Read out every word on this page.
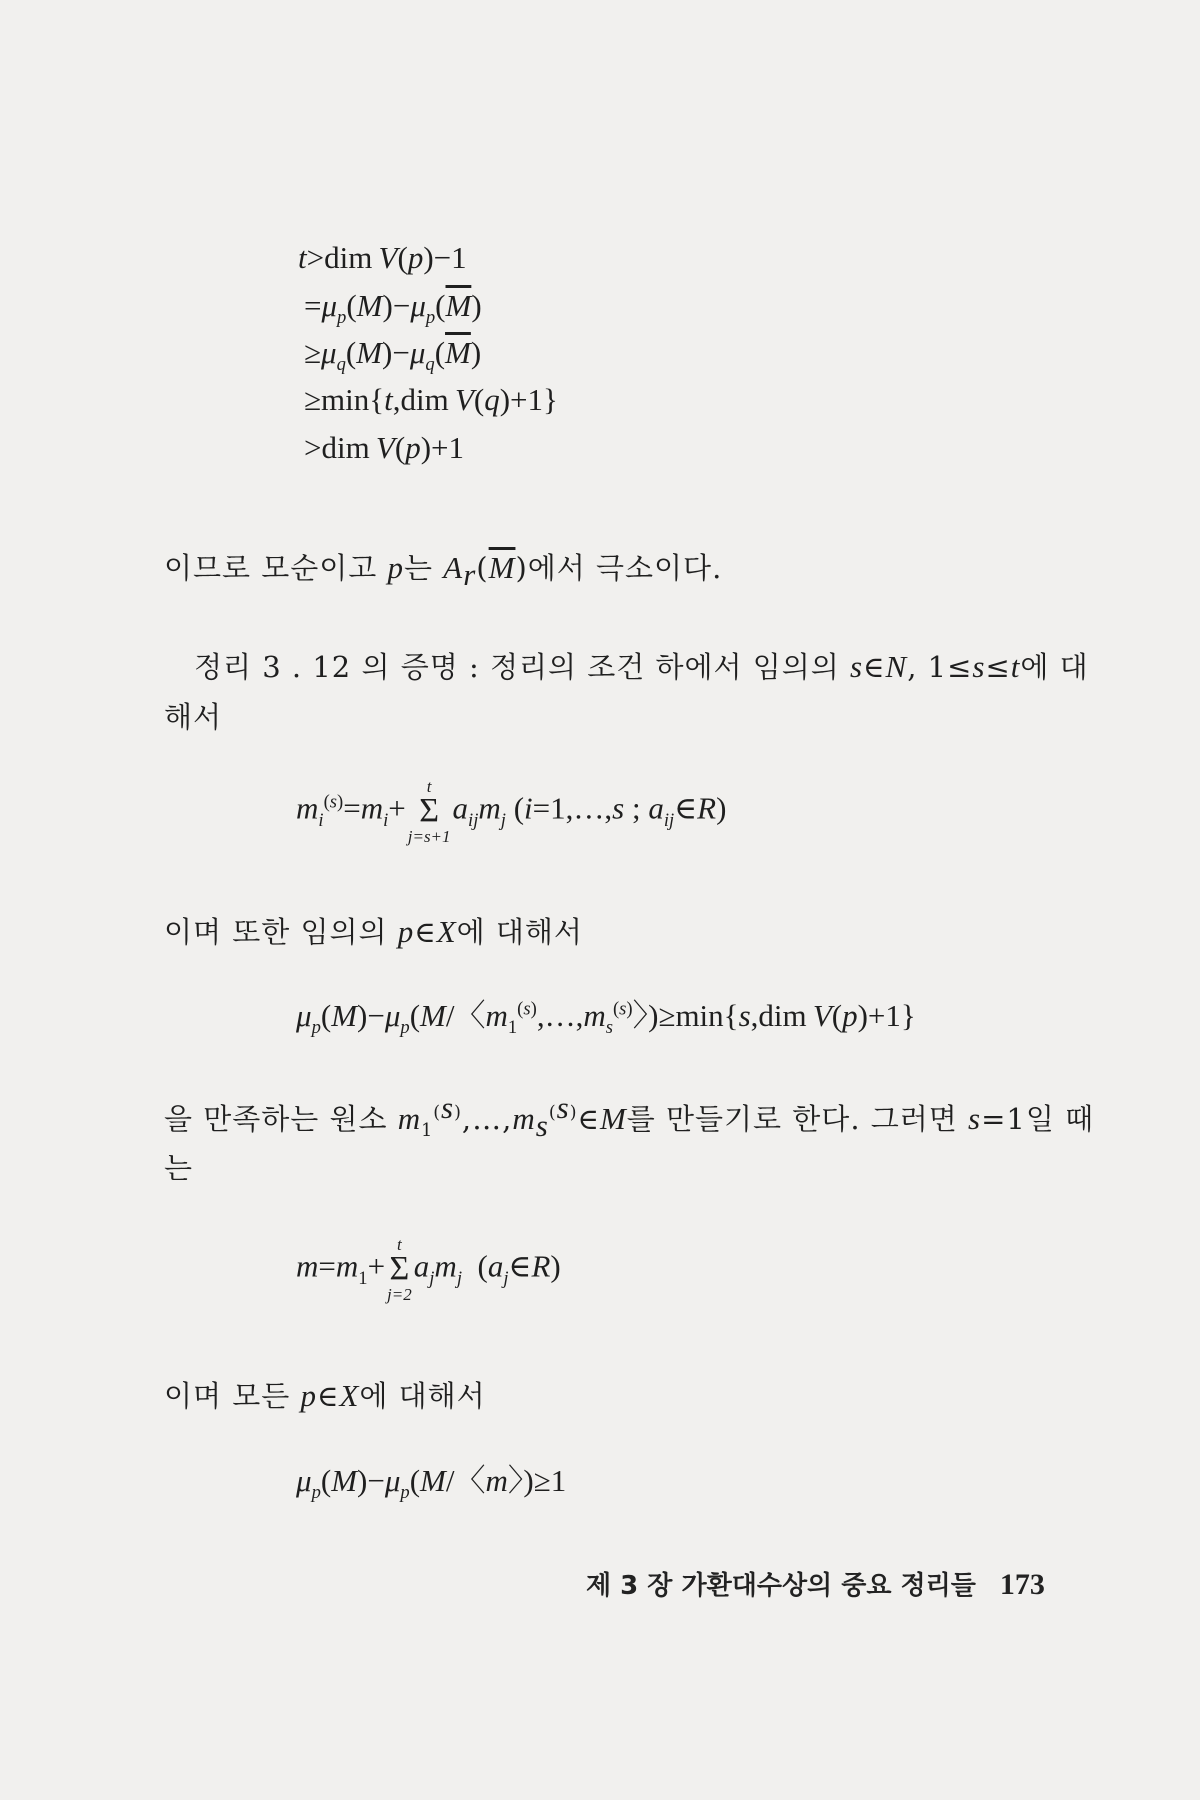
t>dim V(p)−1
$=\mu_p(M)-\mu_p(\overline{M})$
$\ge\mu_q(M)-\mu_q(\overline{M})$
≥min{t,dim V(q)+1}
>dim V(p)+1
이므로 모순이고 p는 $A_r(\overline{M})$에서 극소이다.
정리 3 . 12 의 증명 : 정리의 조건 하에서 임의의 s∈N, 1≤s≤t에 대
해서
$m_i^{(s)}=m_i+$
t
Σ
j=s+1
$a_{ij}m_j$ (i=1,…,s ; $a_{ij}\in R$)
이며 또한 임의의 p∈X에 대해서
$\mu_p(M)-\mu_p(M/$〈$m_1^{(s)},\dots,m_s^{(s)}$〉)≥min{s,dim V(p)+1}
을 만족하는 원소 $m_1^{(s)},\dots,m_s^{(s)}\in M$를 만들기로 한다. 그러면 s=1일 때
는
$m=m_1+$
t
Σ
j=2
$a_jm_j$  $(a_j\in R)$
이며 모든 p∈X에 대해서
$\mu_p(M)-\mu_p(M/$〈m〉)≥1
제 3 장 가환대수상의 중요 정리들 173
